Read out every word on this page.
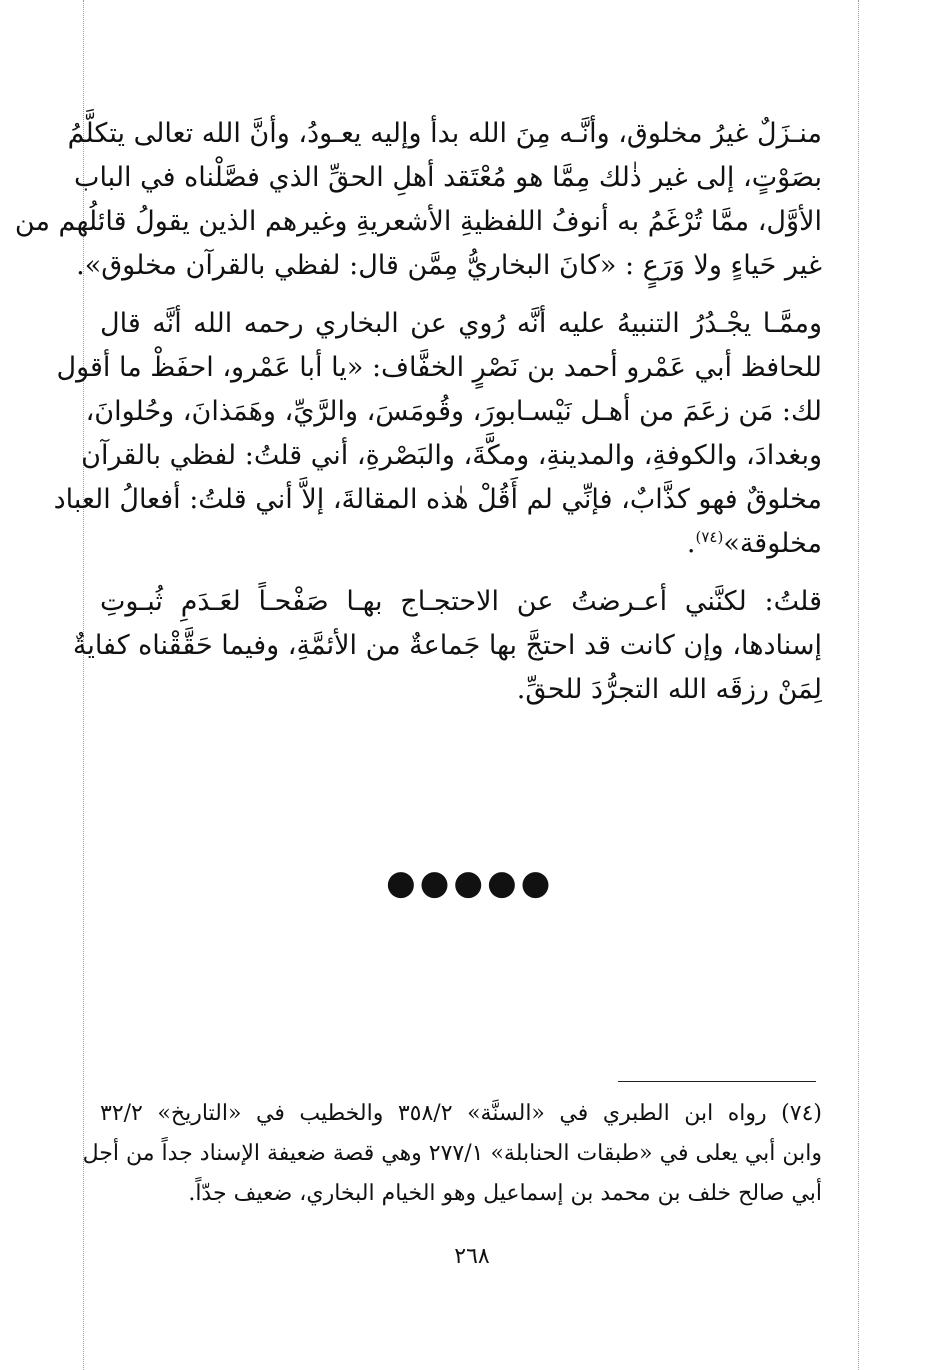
منـزَلٌ غيرُ مخلوق، وأنَّـه مِنَ الله بدأ وإليه يعـودُ، وأنَّ الله تعالى يتكلَّمُ
بصَوْتٍ، إلى غير ذٰلك مِمَّا هو مُعْتَقد أهلِ الحقِّ الذي فصَّلْناه في الباب
الأوَّل، ممَّا تُرْغَمُ به أنوفُ اللفظيةِ الأشعريةِ وغيرهم الذين يقولُ قائلُهم من
غير حَياءٍ ولا وَرَعٍ : «كانَ البخاريُّ مِمَّن قال: لفظي بالقرآن مخلوق».
وممَّـا يجْـدُرُ التنبيهُ عليه أنَّه رُوي عن البخاري رحمه الله أنَّه قال
للحافظ أبي عَمْرو أحمد بن نَصْرٍ الخفَّاف: «يا أبا عَمْرو، احفَظْ ما أقول
لك: مَن زعَمَ من أهـل نَيْسـابورَ، وقُومَسَ، والرَّيِّ، وهَمَذانَ، وحُلوانَ،
وبغدادَ، والكوفةِ، والمدينةِ، ومكَّةَ، والبَصْرةِ، أني قلتُ: لفظي بالقرآن
مخلوقٌ فهو كذَّابٌ، فإنِّي لم أَقُلْ هٰذه المقالةَ، إلاَّ أني قلتُ: أفعالُ العباد
مخلوقة»$^{(٧٤)}$.
قلتُ: لكنَّني أعـرضتُ عن الاحتجـاج بهـا صَفْحـاً لعَـدَمِ ثُبـوتِ
إسنادها، وإن كانت قد احتجَّ بها جَماعةٌ من الأئمَّةِ، وفيما حَقَّقْناه كفايةٌ
لِمَنْ رزقَه الله التجرُّدَ للحقِّ.
●●●●●
(٧٤) رواه ابن الطبري في «السنَّة» ٣٥٨/٢ والخطيب في «التاريخ» ٣٢/٢
وابن أبي يعلى في «طبقات الحنابلة» ٢٧٧/١ وهي قصة ضعيفة الإسناد جداً من أجل
أبي صالح خلف بن محمد بن إسماعيل وهو الخيام البخاري، ضعيف جدّاً.
٢٦٨
